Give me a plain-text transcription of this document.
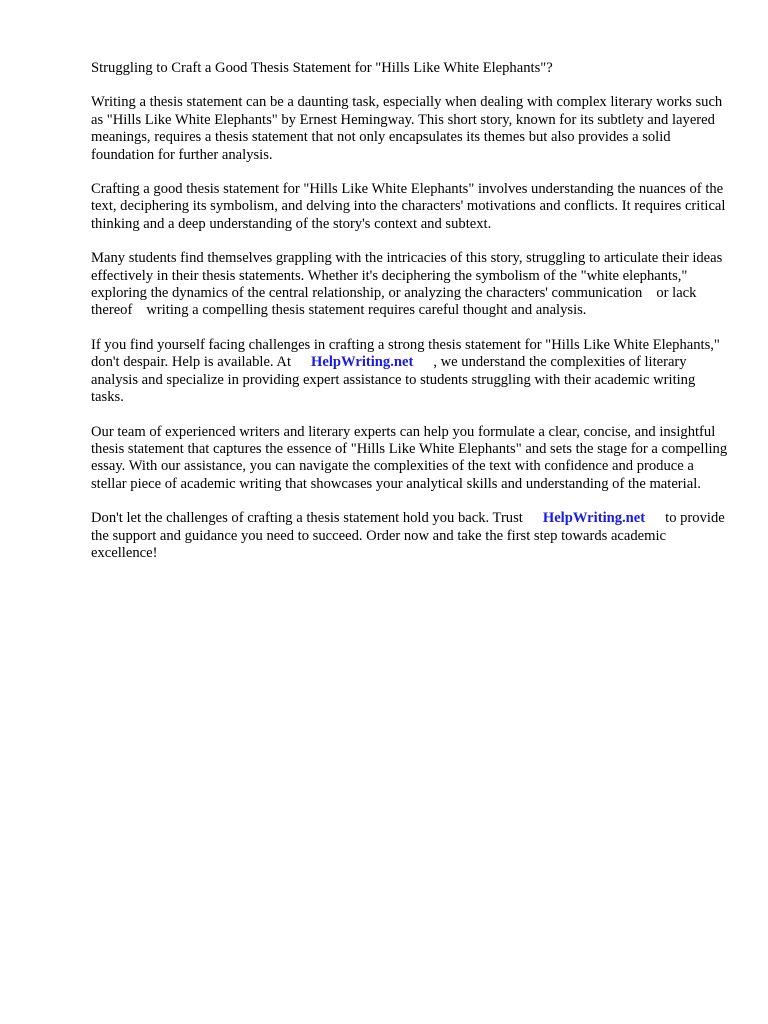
Struggling to Craft a Good Thesis Statement for "Hills Like White Elephants"?

Writing a thesis statement can be a daunting task, especially when dealing with complex literary works such as "Hills Like White Elephants" by Ernest Hemingway. This short story, known for its subtlety and layered meanings, requires a thesis statement that not only encapsulates its themes but also provides a solid foundation for further analysis.

Crafting a good thesis statement for "Hills Like White Elephants" involves understanding the nuances of the text, deciphering its symbolism, and delving into the characters' motivations and conflicts. It requires critical thinking and a deep understanding of the story's context and subtext.

Many students find themselves grappling with the intricacies of this story, struggling to articulate their ideas effectively in their thesis statements. Whether it's deciphering the symbolism of the "white elephants," exploring the dynamics of the central relationship, or analyzing the characters' communication or lack thereof writing a compelling thesis statement requires careful thought and analysis.

If you find yourself facing challenges in crafting a strong thesis statement for "Hills Like White Elephants," don't despair. Help is available. At HelpWriting.net , we understand the complexities of literary analysis and specialize in providing expert assistance to students struggling with their academic writing tasks.

Our team of experienced writers and literary experts can help you formulate a clear, concise, and insightful thesis statement that captures the essence of "Hills Like White Elephants" and sets the stage for a compelling essay. With our assistance, you can navigate the complexities of the text with confidence and produce a stellar piece of academic writing that showcases your analytical skills and understanding of the material.

Don't let the challenges of crafting a thesis statement hold you back. Trust HelpWriting.net to provide the support and guidance you need to succeed. Order now and take the first step towards academic excellence!
